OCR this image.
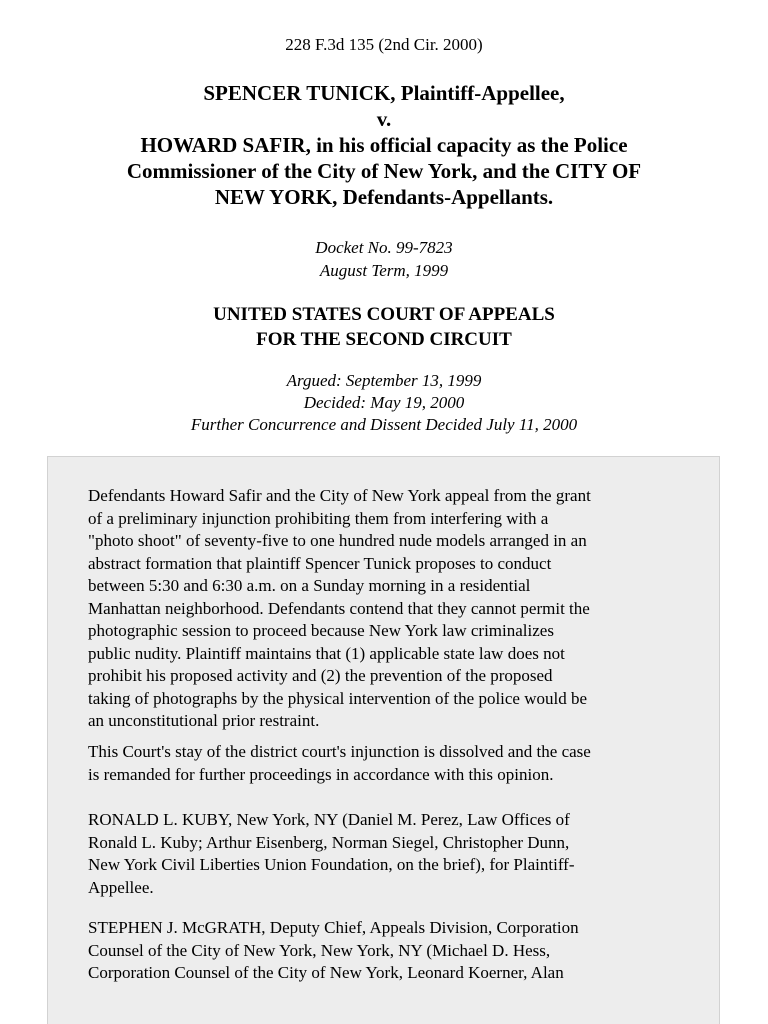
228 F.3d 135 (2nd Cir. 2000)
SPENCER TUNICK, Plaintiff-Appellee,
v.
HOWARD SAFIR, in his official capacity as the Police
Commissioner of the City of New York, and the CITY OF
NEW YORK, Defendants-Appellants.
Docket No. 99-7823
August Term, 1999
UNITED STATES COURT OF APPEALS
FOR THE SECOND CIRCUIT
Argued: September 13, 1999
Decided: May 19, 2000
Further Concurrence and Dissent Decided July 11, 2000

Defendants Howard Safir and the City of New York appeal from the grant
of a preliminary injunction prohibiting them from interfering with a
"photo shoot" of seventy-five to one hundred nude models arranged in an
abstract formation that plaintiff Spencer Tunick proposes to conduct
between 5:30 and 6:30 a.m. on a Sunday morning in a residential
Manhattan neighborhood. Defendants contend that they cannot permit the
photographic session to proceed because New York law criminalizes
public nudity. Plaintiff maintains that (1) applicable state law does not
prohibit his proposed activity and (2) the prevention of the proposed
taking of photographs by the physical intervention of the police would be
an unconstitutional prior restraint.

This Court's stay of the district court's injunction is dissolved and the case
is remanded for further proceedings in accordance with this opinion.

RONALD L. KUBY, New York, NY (Daniel M. Perez, Law Offices of
Ronald L. Kuby; Arthur Eisenberg, Norman Siegel, Christopher Dunn,
New York Civil Liberties Union Foundation, on the brief), for Plaintiff-
Appellee.

STEPHEN J. McGRATH, Deputy Chief, Appeals Division, Corporation
Counsel of the City of New York, New York, NY (Michael D. Hess,
Corporation Counsel of the City of New York, Leonard Koerner, Alan
